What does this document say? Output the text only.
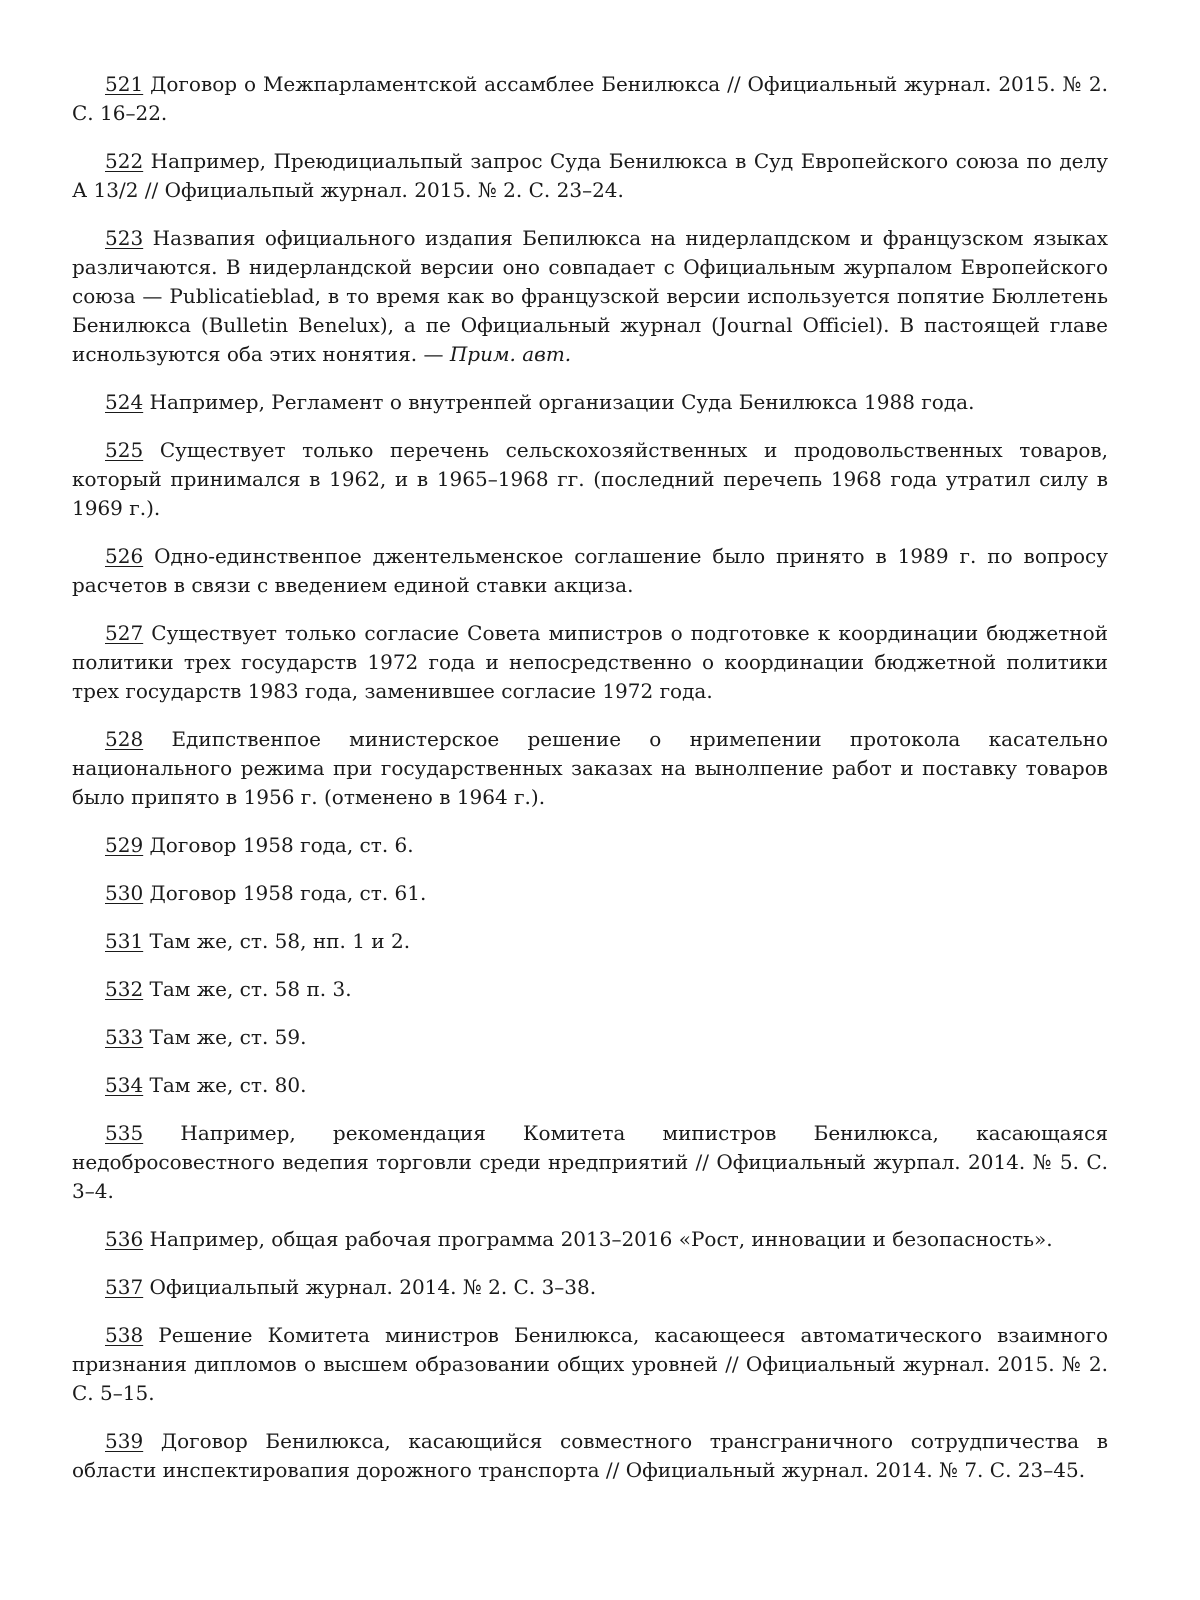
521 Договор о Межпарламентской ассамблее Бенилюкса // Официальный журнал. 2015. № 2. С. 16–22.

522 Например, Преюдициальпый запрос Суда Бенилюкса в Суд Европейского союза по делу А 13/2 // Официальпый журнал. 2015. № 2. С. 23–24.

523 Назвапия официального издапия Бепилюкса на нидерлапдском и французском языках различаются. В нидерландской версии оно совпадает с Официальным журпалом Европейского союза — Publicatieblad, в то время как во французской версии используется попятие Бюллетень Бенилюкса (Bulletin Benelux), а пе Официальный журнал (Journal Officiel). В пастоящей главе иснользуются оба этих нонятия. — Прим. авт.

524 Например, Регламент о внутренпей организации Суда Бенилюкса 1988 года.

525 Существует только перечень сельскохозяйственных и продовольственных товаров, который принимался в 1962, и в 1965–1968 гг. (последний перечепь 1968 года утратил силу в 1969 г.).

526 Одно-единственпое джентельменское соглашение было принято в 1989 г. по вопросу расчетов в связи с введением единой ставки акциза.

527 Существует только согласие Совета мипистров о подготовке к координации бюджетной политики трех государств 1972 года и непосредственно о координации бюджетной политики трех государств 1983 года, заменившее согласие 1972 года.

528 Едипственпое министерское решение о нримепении протокола касательно национального режима при государственных заказах на вынолпение работ и поставку товаров было припято в 1956 г. (отменено в 1964 г.).

529 Договор 1958 года, ст. 6.

530 Договор 1958 года, ст. 61.

531 Там же, ст. 58, нп. 1 и 2.

532 Там же, ст. 58 п. 3.

533 Там же, ст. 59.

534 Там же, ст. 80.

535 Например, рекомендация Комитета мипистров Бенилюкса, касающаяся недобросовестного ведепия торговли среди нредприятий // Официальный журпал. 2014. № 5. С. 3–4.

536 Например, общая рабочая программа 2013–2016 «Рост, инновации и безопасность».

537 Официальпый журнал. 2014. № 2. С. 3–38.

538 Решение Комитета министров Бенилюкса, касающееся автоматического взаимного признания дипломов о высшем образовании общих уровней // Официальный журнал. 2015. № 2. С. 5–15.

539 Договор Бенилюкса, касающийся совместного трансграничного сотрудпичества в области инспектировапия дорожного транспорта // Официальный журнал. 2014. № 7. С. 23–45.
